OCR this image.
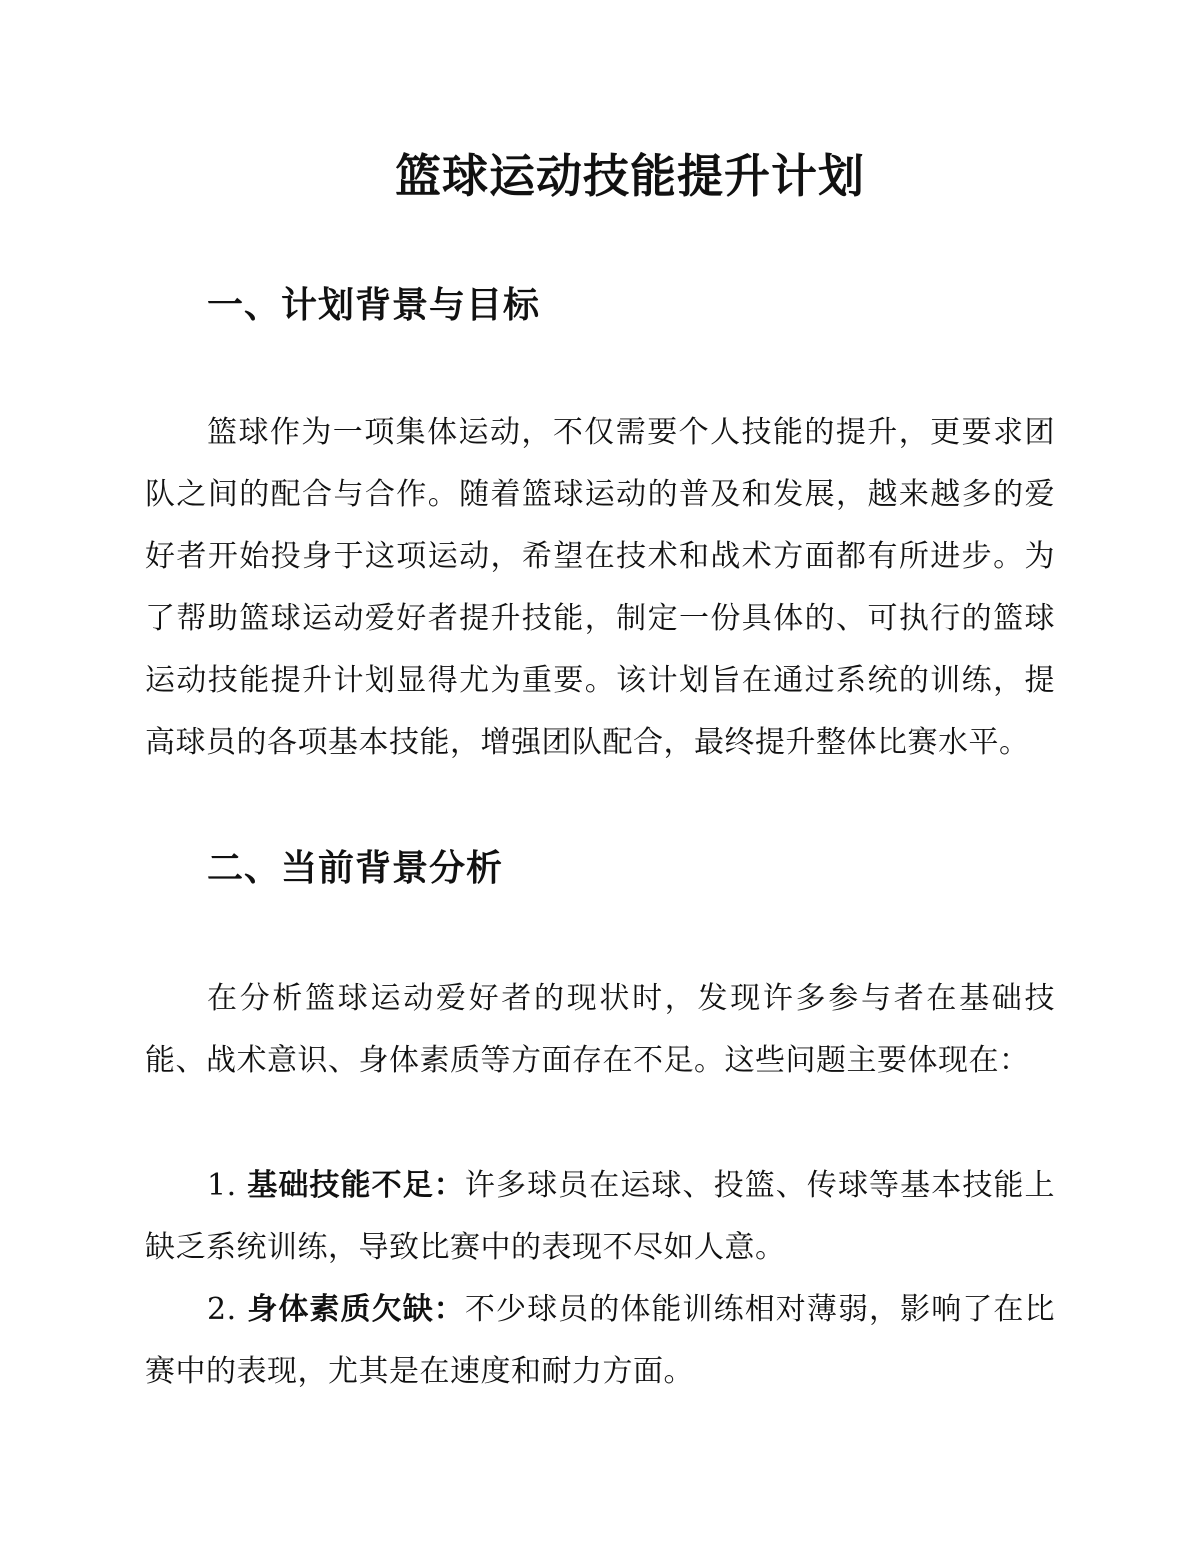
篮球运动技能提升计划
一、计划背景与目标

篮球作为一项集体运动，不仅需要个人技能的提升，更要求团队之间的配合与合作。随着篮球运动的普及和发展，越来越多的爱好者开始投身于这项运动，希望在技术和战术方面都有所进步。为了帮助篮球运动爱好者提升技能，制定一份具体的、可执行的篮球运动技能提升计划显得尤为重要。该计划旨在通过系统的训练，提高球员的各项基本技能，增强团队配合，最终提升整体比赛水平。

二、当前背景分析

在分析篮球运动爱好者的现状时，发现许多参与者在基础技能、战术意识、身体素质等方面存在不足。这些问题主要体现在：

1. 基础技能不足：许多球员在运球、投篮、传球等基本技能上缺乏系统训练，导致比赛中的表现不尽如人意。
2. 身体素质欠缺：不少球员的体能训练相对薄弱，影响了在比赛中的表现，尤其是在速度和耐力方面。
